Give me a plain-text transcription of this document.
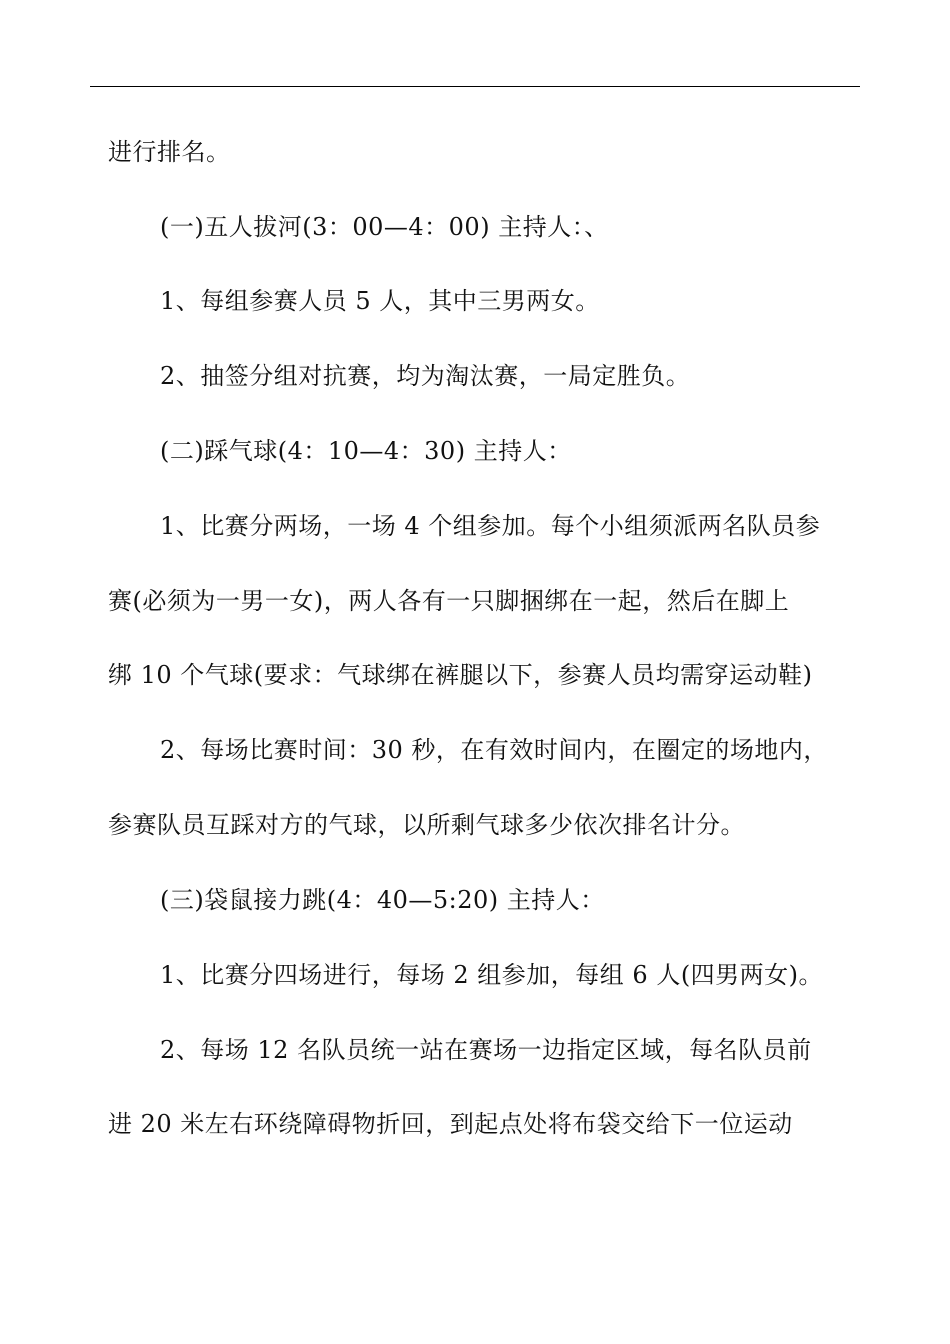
进行排名。
(一)五人拔河(3：00—4：00) 主持人：、
1、每组参赛人员 5 人，其中三男两女。
2、抽签分组对抗赛，均为淘汰赛，一局定胜负。
(二)踩气球(4：10—4：30) 主持人：
1、比赛分两场，一场 4 个组参加。每个小组须派两名队员参
赛(必须为一男一女)，两人各有一只脚捆绑在一起，然后在脚上
绑 10 个气球(要求：气球绑在裤腿以下，参赛人员均需穿运动鞋)
2、每场比赛时间：30 秒，在有效时间内，在圈定的场地内，
参赛队员互踩对方的气球，以所剩气球多少依次排名计分。
(三)袋鼠接力跳(4：40—5:20) 主持人：
1、比赛分四场进行，每场 2 组参加，每组 6 人(四男两女)。
2、每场 12 名队员统一站在赛场一边指定区域，每名队员前
进 20 米左右环绕障碍物折回，到起点处将布袋交给下一位运动
